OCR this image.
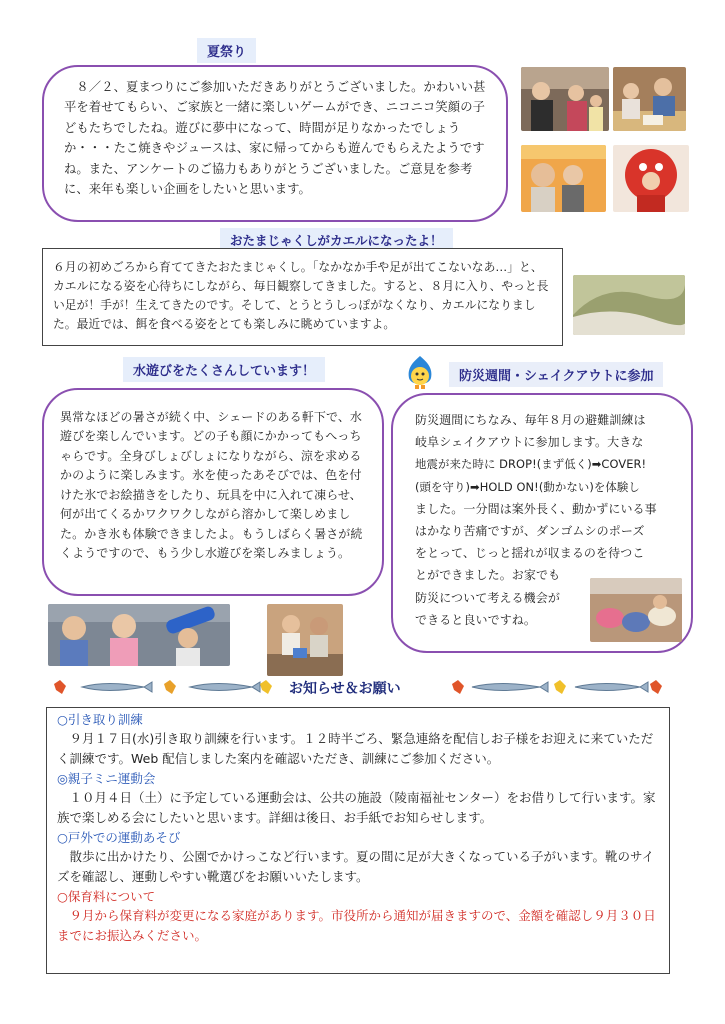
夏祭り

　８／２、夏まつりにご参加いただきありがとうございました。かわいい甚平を着せてもらい、ご家族と一緒に楽しいゲームができ、ニコニコ笑顔の子どもたちでしたね。遊びに夢中になって、時間が足りなかったでしょうか・・・たこ焼きやジュースは、家に帰ってからも遊んでもらえたようですね。また、アンケートのご協力もありがとうございました。ご意見を参考に、来年も楽しい企画をしたいと思います。

おたまじゃくしがカエルになったよ！

６月の初めごろから育ててきたおたまじゃくし。「なかなか手や足が出てこないなあ…」と、カエルになる姿を心待ちにしながら、毎日観察してきました。すると、８月に入り、やっと長い足が！手が！生えてきたのです。そして、とうとうしっぽがなくなり、カエルになりました。最近では、餌を食べる姿をとても楽しみに眺めていますよ。

水遊びをたくさんしています！

異常なほどの暑さが続く中、シェードのある軒下で、水遊びを楽しんでいます。どの子も顔にかかってもへっちゃらです。全身びしょびしょになりながら、涼を求めるかのように楽しみます。氷を使ったあそびでは、色を付けた氷でお絵描きをしたり、玩具を中に入れて凍らせ、何が出てくるかワクワクしながら溶かして楽しめました。かき氷も体験できましたよ。もうしばらく暑さが続くようですので、もう少し水遊びを楽しみましょう。

防災週間・シェイクアウトに参加

防災週間にちなみ、毎年８月の避難訓練は

岐阜シェイクアウトに参加します。大きな

地震が来た時に DROP!(まず低く)➡COVER!

(頭を守り)➡HOLD ON!(動かない)を体験し

ました。一分間は案外長く、動かずにいる事

はかなり苦痛ですが、ダンゴムシのポーズ

をとって、じっと揺れが収まるのを待つこ

とができました。お家でも

防災について考える機会が

できると良いですね。

お知らせ＆お願い
○引き取り訓練
　９月１７日(水)引き取り訓練を行います。１２時半ごろ、緊急連絡を配信しお子様をお迎えに来ていただく訓練です。Web 配信しました案内を確認いただき、訓練にご参加ください。
◎親子ミニ運動会
　１０月４日（土）に予定している運動会は、公共の施設（陵南福祉センター）をお借りして行います。家族で楽しめる会にしたいと思います。詳細は後日、お手紙でお知らせします。
○戸外での運動あそび
　散歩に出かけたり、公園でかけっこなど行います。夏の間に足が大きくなっている子がいます。靴のサイズを確認し、運動しやすい靴選びをお願いいたします。
○保育料について
　９月から保育料が変更になる家庭があります。市役所から通知が届きますので、金額を確認し９月３０日までにお振込みください。
